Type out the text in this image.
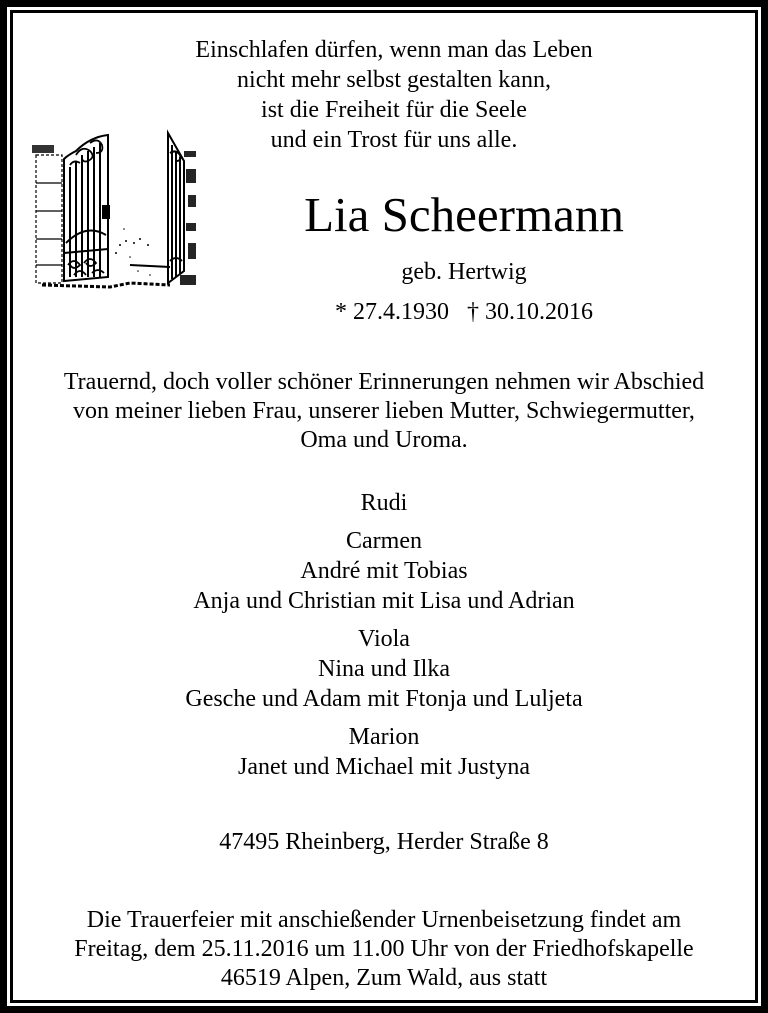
Einschlafen dürfen, wenn man das Leben
nicht mehr selbst gestalten kann,
ist die Freiheit für die Seele
und ein Trost für uns alle.
Lia Scheermann
geb. Hertwig
* 27.4.1930 † 30.10.2016
Trauernd, doch voller schöner Erinnerungen nehmen wir Abschied
von meiner lieben Frau, unserer lieben Mutter, Schwiegermutter,
Oma und Uroma.
Rudi
Carmen
André mit Tobias
Anja und Christian mit Lisa und Adrian
Viola
Nina und Ilka
Gesche und Adam mit Ftonja und Luljeta
Marion
Janet und Michael mit Justyna
47495 Rheinberg, Herder Straße 8
Die Trauerfeier mit anschießender Urnenbeisetzung findet am
Freitag, dem 25.11.2016 um 11.00 Uhr von der Friedhofskapelle
46519 Alpen, Zum Wald, aus statt
